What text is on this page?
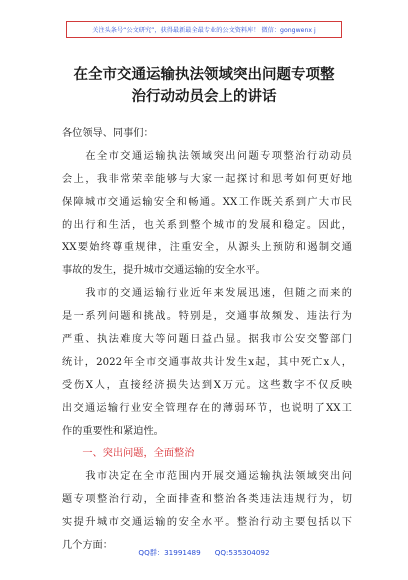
关注头条号“公文研究”，获得最新最全最专业的公文资料库！ 微信：gongwenx j
在全市交通运输执法领域突出问题专项整
治行动动员会上的讲话
各位领导、同事们：
　　在全市交通运输执法领域突出问题专项整治行动动员
会上，我非常荣幸能够与大家一起探讨和思考如何更好地
保障城市交通运输安全和畅通。XX工作既关系到广大市民
的出行和生活，也关系到整个城市的发展和稳定。因此，
XX要始终尊重规律，注重安全，从源头上预防和遏制交通
事故的发生，提升城市交通运输的安全水平。
　　我市的交通运输行业近年来发展迅速，但随之而来的
是一系列问题和挑战。特别是，交通事故频发、违法行为
严重、执法难度大等问题日益凸显。据我市公安交警部门
统计，2022年全市交通事故共计发生x起，其中死亡x人，
受伤X人，直接经济损失达到X万元。这些数字不仅反映
出交通运输行业安全管理存在的薄弱环节，也说明了XX工
作的重要性和紧迫性。
　　一、突出问题，全面整治
　　我市决定在全市范围内开展交通运输执法领域突出问
题专项整治行动，全面排查和整治各类违法违规行为，切
实提升城市交通运输的安全水平。整治行动主要包括以下
几个方面：
QQ群：31991489 QQ:535304092
